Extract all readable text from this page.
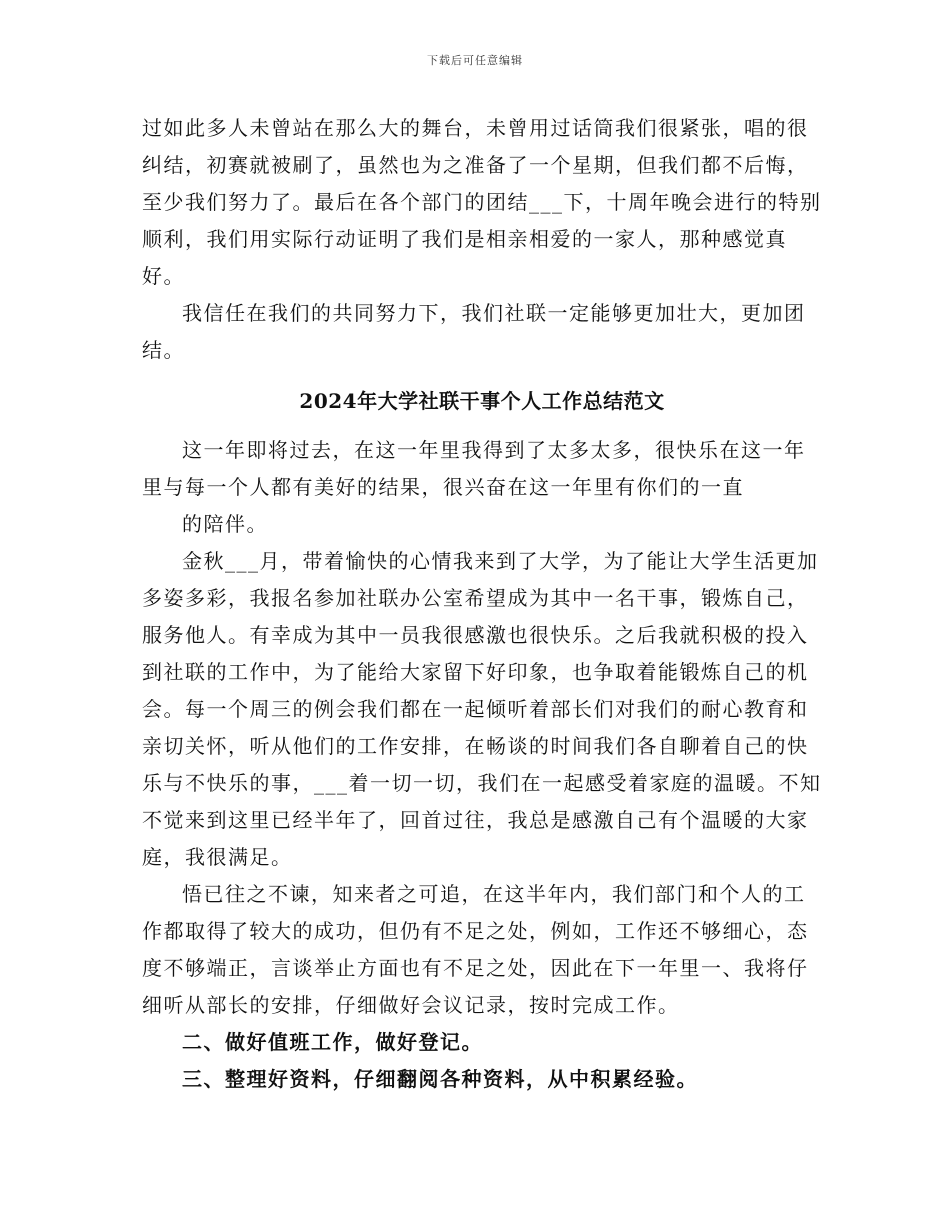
下载后可任意编辑

过如此多人未曾站在那么大的舞台，未曾用过话筒我们很紧张，唱的很纠结，初赛就被刷了，虽然也为之准备了一个星期，但我们都不后悔，至少我们努力了。最后在各个部门的团结___下，十周年晚会进行的特别顺利，我们用实际行动证明了我们是相亲相爱的一家人，那种感觉真好。

我信任在我们的共同努力下，我们社联一定能够更加壮大，更加团结。

2024年大学社联干事个人工作总结范文

这一年即将过去，在这一年里我得到了太多太多，很快乐在这一年里与每一个人都有美好的结果，很兴奋在这一年里有你们的一直

的陪伴。

金秋___月，带着愉快的心情我来到了大学，为了能让大学生活更加多姿多彩，我报名参加社联办公室希望成为其中一名干事，锻炼自己，服务他人。有幸成为其中一员我很感激也很快乐。之后我就积极的投入到社联的工作中，为了能给大家留下好印象，也争取着能锻炼自己的机会。每一个周三的例会我们都在一起倾听着部长们对我们的耐心教育和亲切关怀，听从他们的工作安排，在畅谈的时间我们各自聊着自己的快乐与不快乐的事，___着一切一切，我们在一起感受着家庭的温暖。不知不觉来到这里已经半年了，回首过往，我总是感激自己有个温暖的大家庭，我很满足。

悟已往之不谏，知来者之可追，在这半年内，我们部门和个人的工作都取得了较大的成功，但仍有不足之处，例如，工作还不够细心，态度不够端正，言谈举止方面也有不足之处，因此在下一年里一、我将仔细听从部长的安排，仔细做好会议记录，按时完成工作。

二、做好值班工作，做好登记。

三、整理好资料，仔细翻阅各种资料，从中积累经验。
